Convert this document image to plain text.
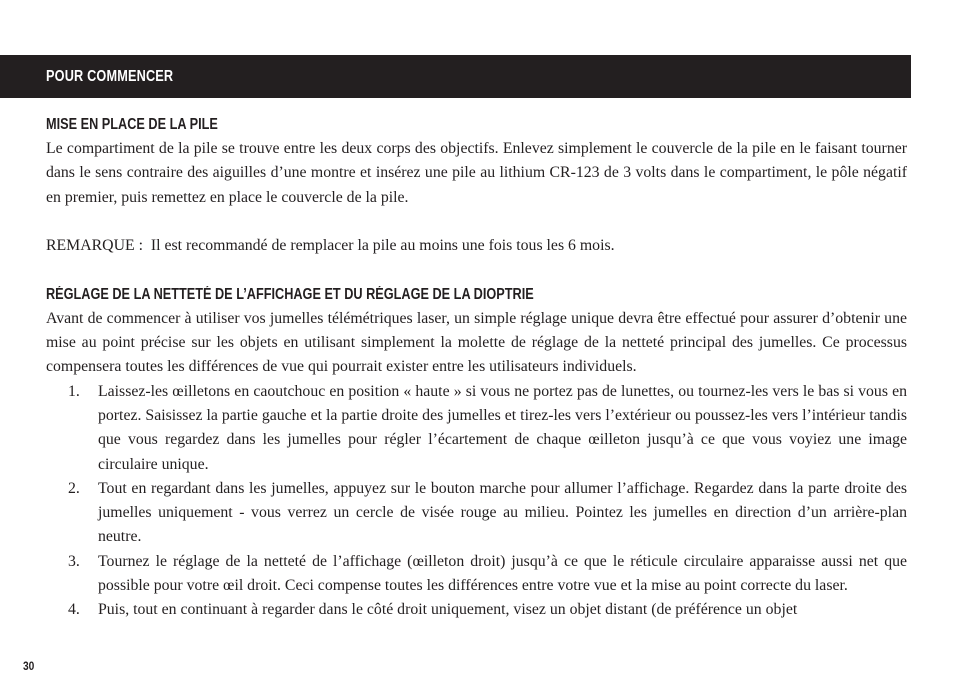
POUR COMMENCER
MISE EN PLACE DE LA PILE

Le compartiment de la pile se trouve entre les deux corps des objectifs. Enlevez simplement le couvercle de la pile en le faisant tourner dans le sens contraire des aiguilles d’une montre et insérez une pile au lithium CR-123 de 3 volts dans le compartiment, le pôle négatif en premier, puis remettez en place le couvercle de la pile.

REMARQUE :  Il est recommandé de remplacer la pile au moins une fois tous les 6 mois.

RÉGLAGE DE LA NETTETÉ DE L’AFFICHAGE ET DU RÉGLAGE DE LA DIOPTRIE

Avant de commencer à utiliser vos jumelles télémétriques laser, un simple réglage unique devra être effectué pour assurer d’obtenir une mise au point précise sur les objets en utilisant simplement la molette de réglage de la netteté principal des jumelles. Ce processus compensera toutes les différences de vue qui pourrait exister entre les utilisateurs individuels.

1. Laissez-les œilletons en caoutchouc en position « haute » si vous ne portez pas de lunettes, ou tournez-les vers le bas si vous en portez. Saisissez la partie gauche et la partie droite des jumelles et tirez-les vers l’extérieur ou poussez-les vers l’intérieur tandis que vous regardez dans les jumelles pour régler l’écartement de chaque œilleton jusqu’à ce que vous voyiez une image circulaire unique.
2. Tout en regardant dans les jumelles, appuyez sur le bouton marche pour allumer l’affichage. Regardez dans la parte droite des jumelles uniquement - vous verrez un cercle de visée rouge au milieu. Pointez les jumelles en direction d’un arrière-plan neutre.
3. Tournez le réglage de la netteté de l’affichage (œilleton droit) jusqu’à ce que le réticule circulaire apparaisse aussi net que possible pour votre œil droit. Ceci compense toutes les différences entre votre vue et la mise au point correcte du laser.
4. Puis, tout en continuant à regarder dans le côté droit uniquement, visez un objet distant (de préférence un objet
30
